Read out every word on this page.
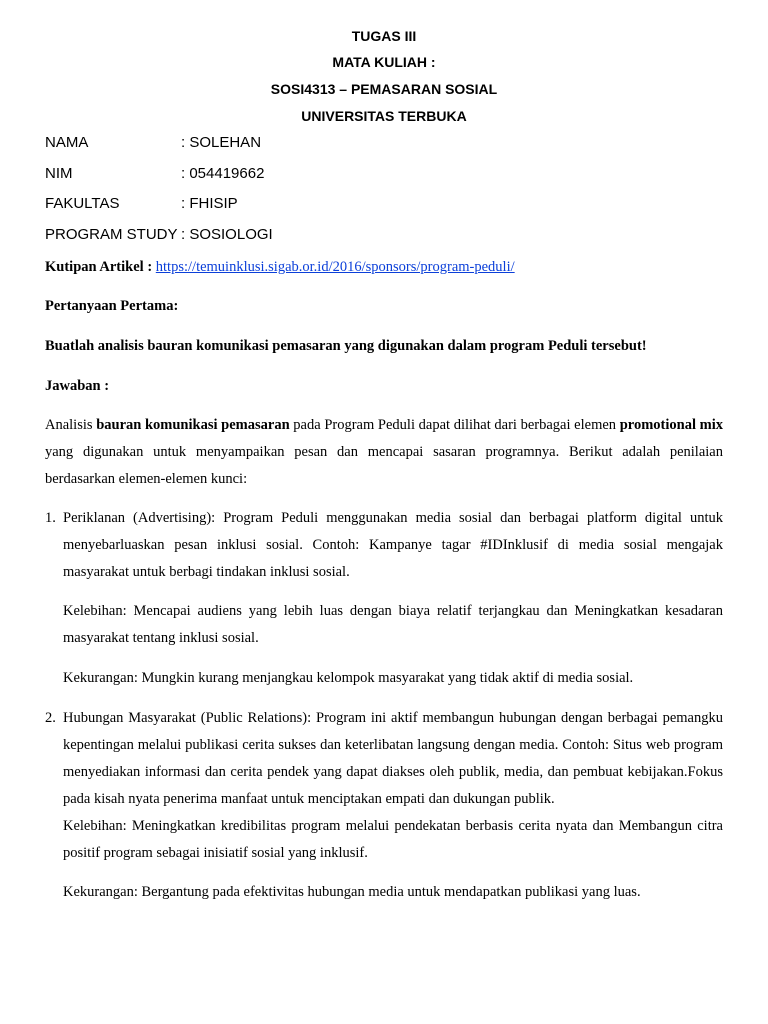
TUGAS III
MATA KULIAH :
SOSI4313 – PEMASARAN SOSIAL
UNIVERSITAS TERBUKA
NAMA	: SOLEHAN
NIM	: 054419662
FAKULTAS	: FHISIP
PROGRAM STUDY : SOSIOLOGI
Kutipan Artikel : https://temuinklusi.sigab.or.id/2016/sponsors/program-peduli/
Pertanyaan Pertama:
Buatlah analisis bauran komunikasi pemasaran yang digunakan dalam program Peduli tersebut!
Jawaban :
Analisis bauran komunikasi pemasaran pada Program Peduli dapat dilihat dari berbagai elemen promotional mix yang digunakan untuk menyampaikan pesan dan mencapai sasaran programnya. Berikut adalah penilaian berdasarkan elemen-elemen kunci:
1. Periklanan (Advertising): Program Peduli menggunakan media sosial dan berbagai platform digital untuk menyebarluaskan pesan inklusi sosial. Contoh: Kampanye tagar #IDInklusif di media sosial mengajak masyarakat untuk berbagi tindakan inklusi sosial.
Kelebihan: Mencapai audiens yang lebih luas dengan biaya relatif terjangkau dan Meningkatkan kesadaran masyarakat tentang inklusi sosial.
Kekurangan: Mungkin kurang menjangkau kelompok masyarakat yang tidak aktif di media sosial.
2. Hubungan Masyarakat (Public Relations): Program ini aktif membangun hubungan dengan berbagai pemangku kepentingan melalui publikasi cerita sukses dan keterlibatan langsung dengan media. Contoh: Situs web program menyediakan informasi dan cerita pendek yang dapat diakses oleh publik, media, dan pembuat kebijakan.Fokus pada kisah nyata penerima manfaat untuk menciptakan empati dan dukungan publik.
Kelebihan: Meningkatkan kredibilitas program melalui pendekatan berbasis cerita nyata dan Membangun citra positif program sebagai inisiatif sosial yang inklusif.
Kekurangan: Bergantung pada efektivitas hubungan media untuk mendapatkan publikasi yang luas.
